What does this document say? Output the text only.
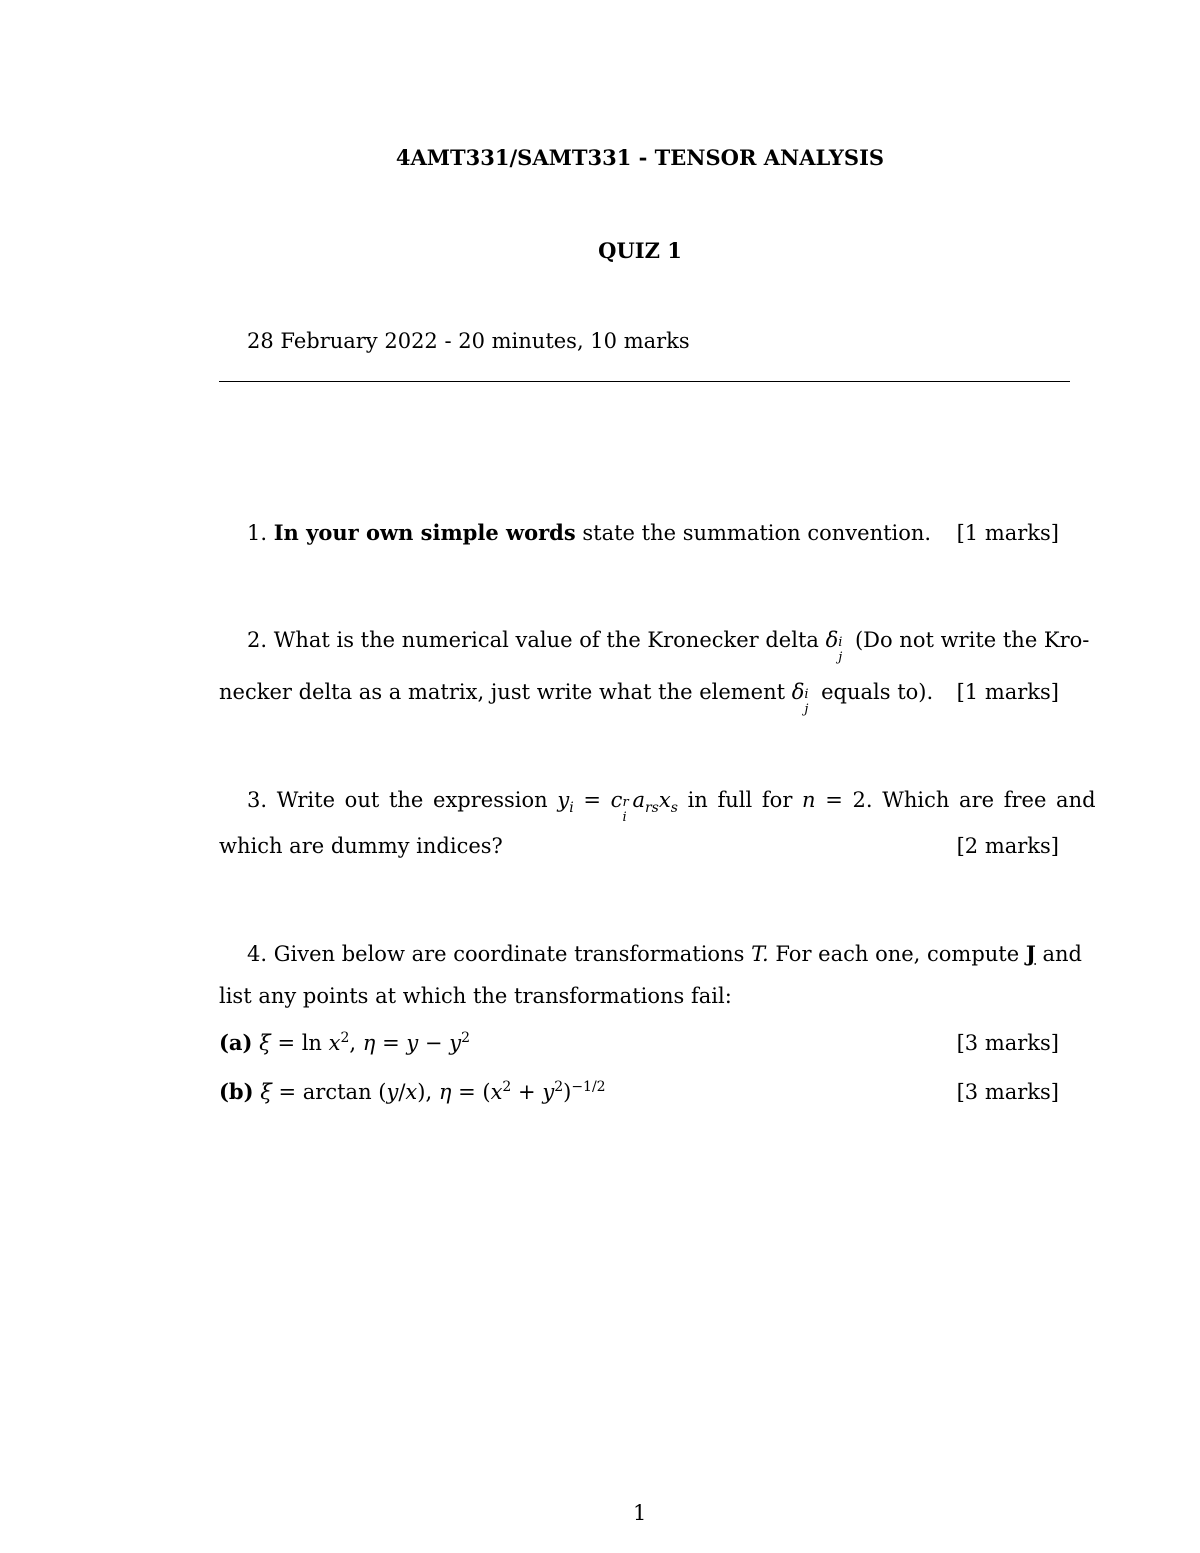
4AMT331/SAMT331 - TENSOR ANALYSIS
QUIZ 1
28 February 2022 - 20 minutes, 10 marks
1. In your own simple words state the summation convention. [1 marks]
2. What is the numerical value of the Kronecker delta δ i
j
(Do not write the Kro-
necker delta as a matrix, just write what the element δ i
j
equals to). [1 marks]
3. Write out the expression $y_i = c$ r
i
$a_{rs}x_s$ in full for n = 2. Which are free and
which are dummy indices?	[2 marks]
4. Given below are coordinate transformations T. For each one, compute J and
list any points at which the transformations fail:
(a) $\xi = \ln x^2$, $\eta = y - y^2$	[3 marks]
(b) ξ = arctan (y/x), $\eta = (x^2 + y^2)^{-1/2}$	[3 marks]
1
